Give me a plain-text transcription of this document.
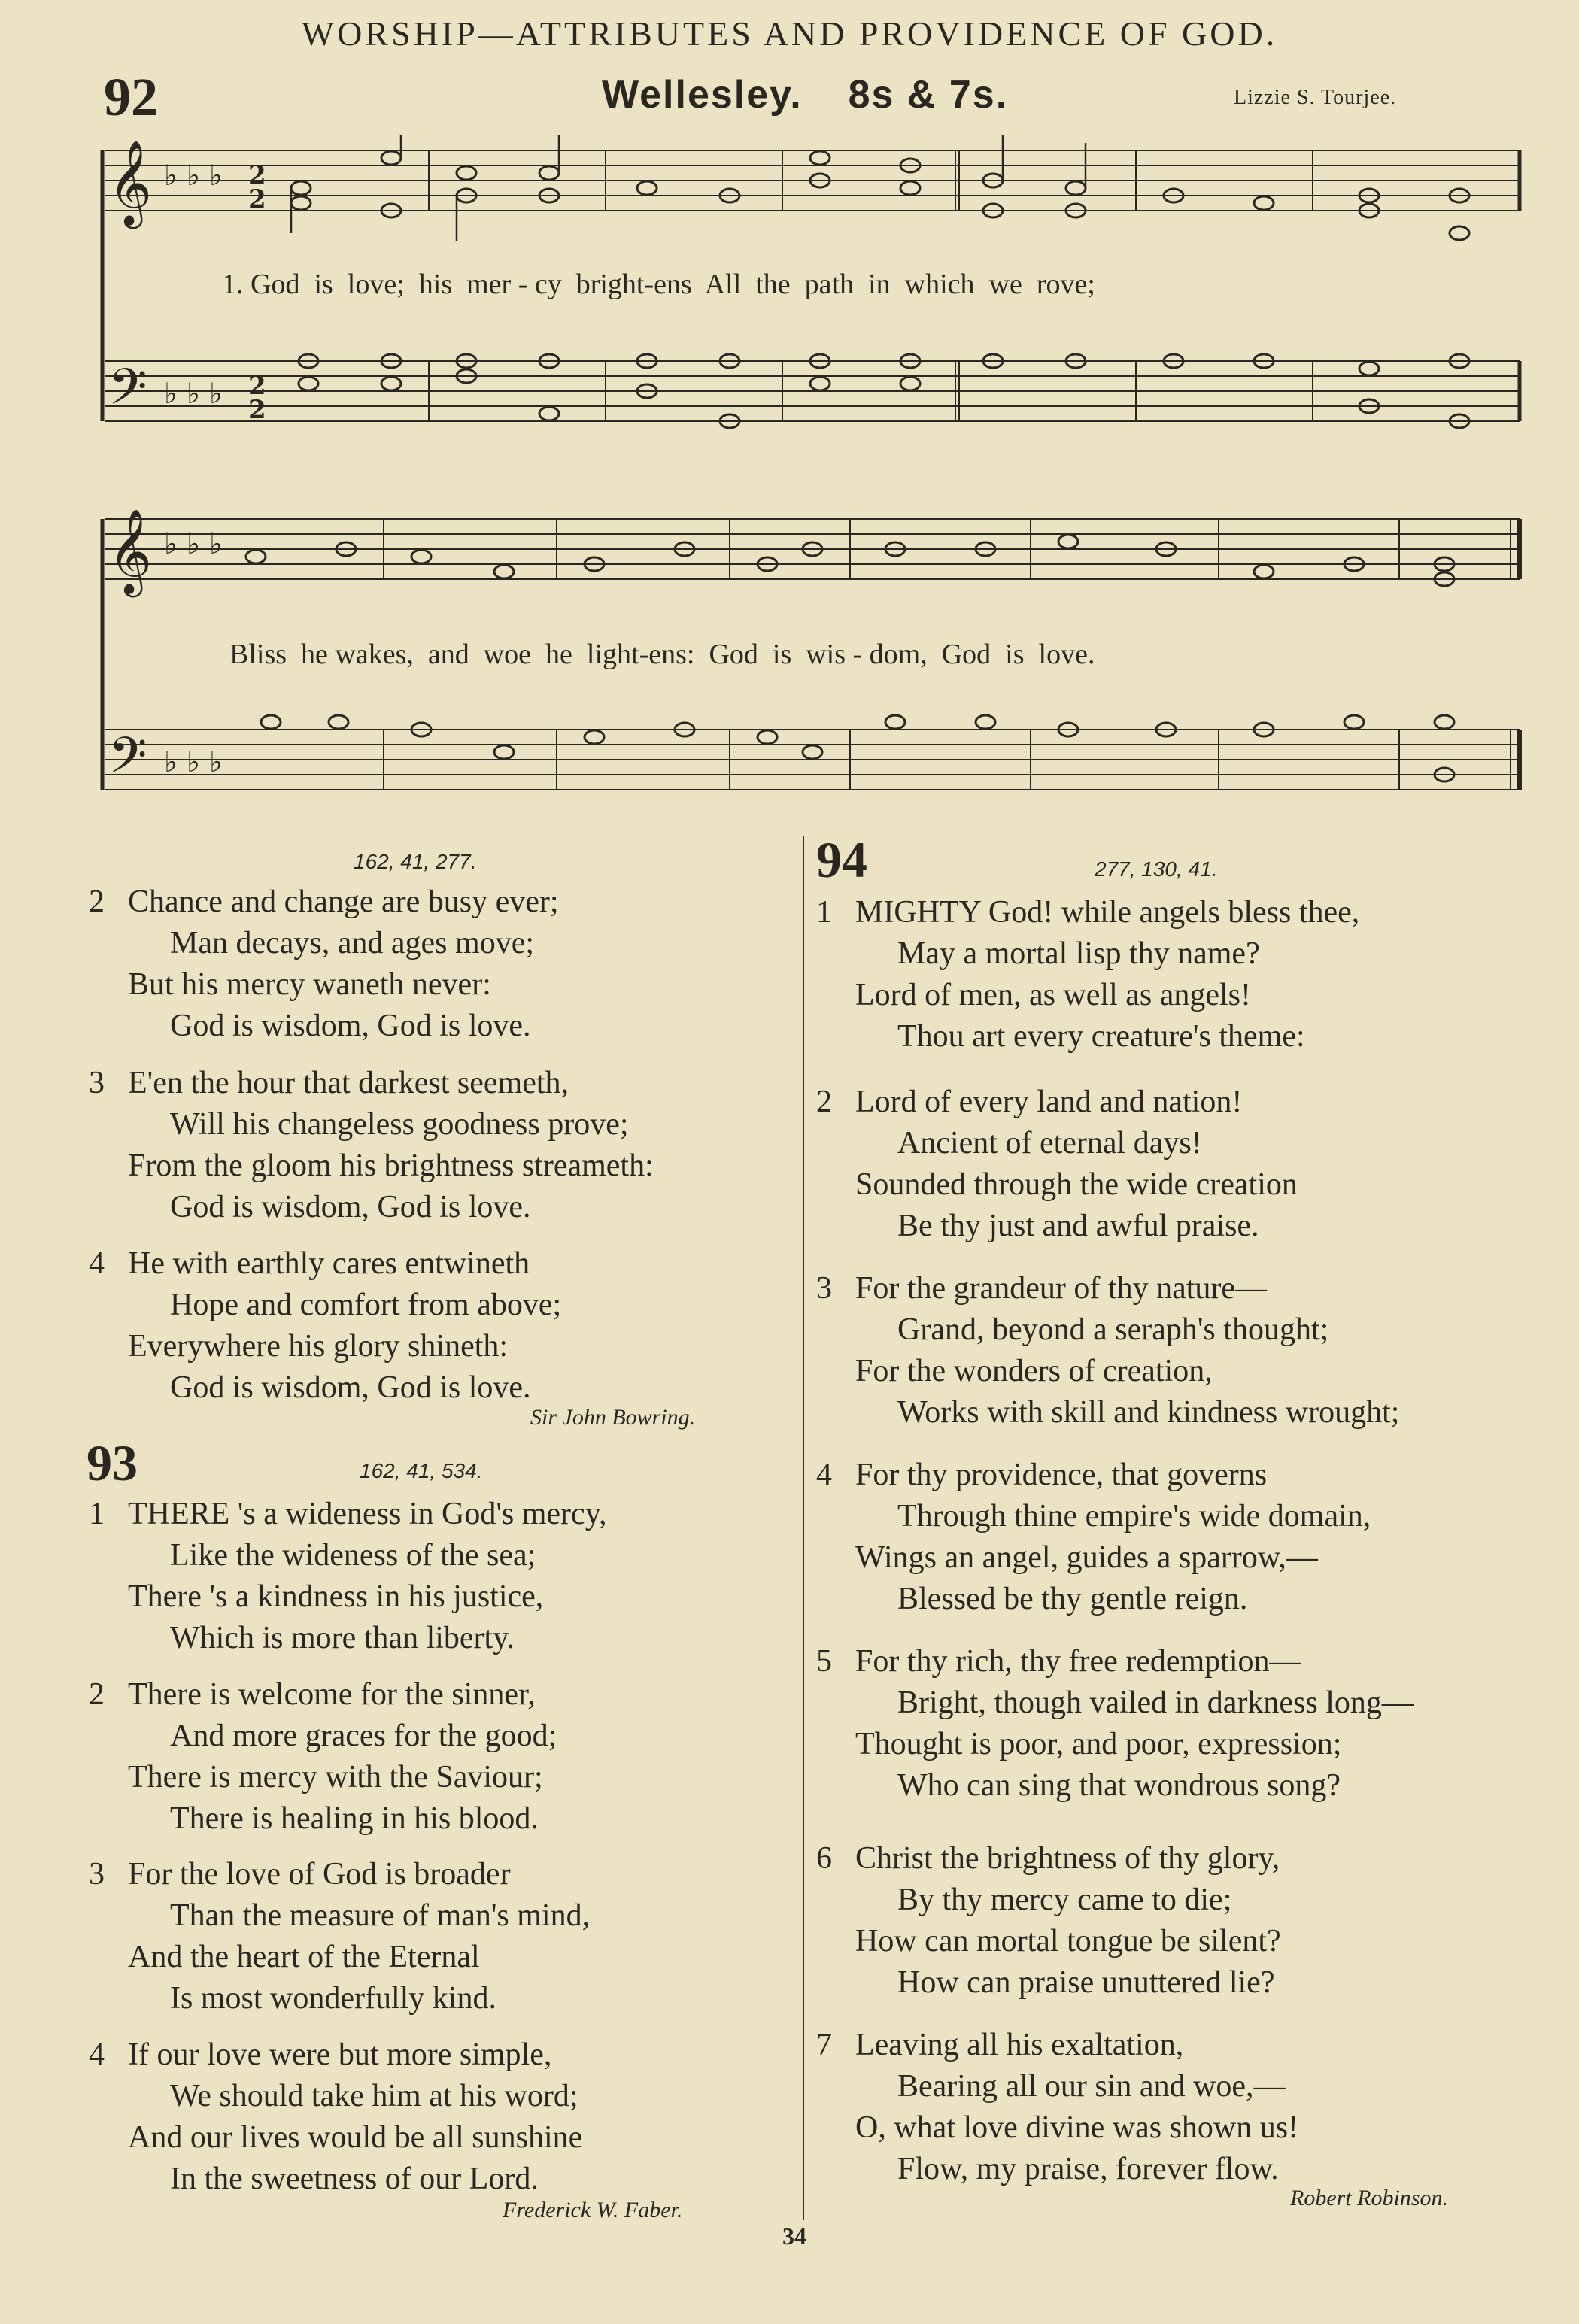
WORSHIP—ATTRIBUTES AND PROVIDENCE OF GOD.
92	Wellesley. 8s & 7s.	Lizzie S. Tourjee.
𝄞
𝄢
♭ ♭ ♭
♭ ♭ ♭
2
2
2
2
1. God  is  love;  his  mer - cy  bright-ens  All  the  path  in  which  we  rove;
𝄞
𝄢
♭ ♭ ♭
♭ ♭ ♭
Bliss  he wakes,  and  woe  he  light-ens:  God  is  wis - dom,  God  is  love.
162, 41, 277.
2 Chance and change are busy ever;
Man decays, and ages move;
But his mercy waneth never:
God is wisdom, God is love.
3 E'en the hour that darkest seemeth,
Will his changeless goodness prove;
From the gloom his brightness streameth:
God is wisdom, God is love.
4 He with earthly cares entwineth
Hope and comfort from above;
Everywhere his glory shineth:
God is wisdom, God is love.
Sir John Bowring.
93	162, 41, 534.
1 THERE 's a wideness in God's mercy,
Like the wideness of the sea;
There 's a kindness in his justice,
Which is more than liberty.
2 There is welcome for the sinner,
And more graces for the good;
There is mercy with the Saviour;
There is healing in his blood.
3 For the love of God is broader
Than the measure of man's mind,
And the heart of the Eternal
Is most wonderfully kind.
4 If our love were but more simple,
We should take him at his word;
And our lives would be all sunshine
In the sweetness of our Lord.
Frederick W. Faber.
94	277, 130, 41.
1 MIGHTY God! while angels bless thee,
May a mortal lisp thy name?
Lord of men, as well as angels!
Thou art every creature's theme:
2 Lord of every land and nation!
Ancient of eternal days!
Sounded through the wide creation
Be thy just and awful praise.
3 For the grandeur of thy nature—
Grand, beyond a seraph's thought;
For the wonders of creation,
Works with skill and kindness wrought;
4 For thy providence, that governs
Through thine empire's wide domain,
Wings an angel, guides a sparrow,—
Blessed be thy gentle reign.
5 For thy rich, thy free redemption—
Bright, though vailed in darkness long—
Thought is poor, and poor, expression;
Who can sing that wondrous song?
6 Christ the brightness of thy glory,
By thy mercy came to die;
How can mortal tongue be silent?
How can praise unuttered lie?
7 Leaving all his exaltation,
Bearing all our sin and woe,—
O, what love divine was shown us!
Flow, my praise, forever flow.
Robert Robinson.
34
